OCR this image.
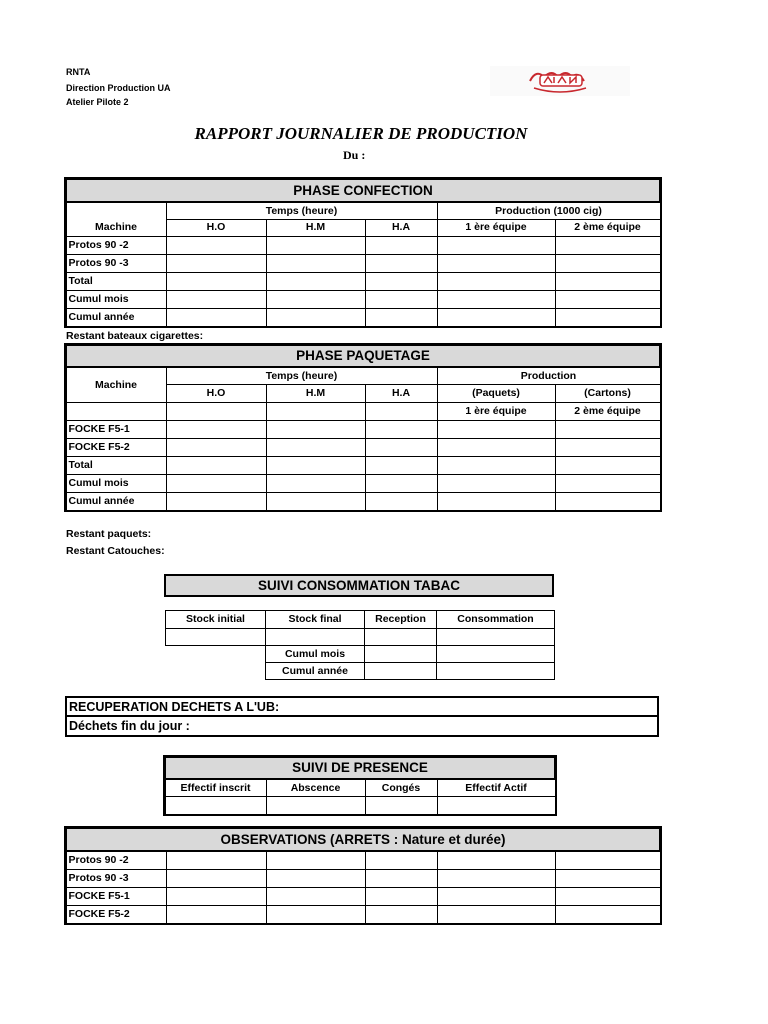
RNTA
Direction Production UA
Atelier Pilote 2
RAPPORT JOURNALIER DE PRODUCTION
Du :
PHASE CONFECTION					
Machine	Temps (heure)			Production (1000 cig)	
	H.O	H.M	H.A	1 ère équipe	2 ème équipe
Protos 90 -2					
Protos 90 -3					
Total					
Cumul mois					
Cumul année					
Restant bateaux cigarettes:
PHASE PAQUETAGE					
Machine	Temps (heure)			Production	
	H.O	H.M	H.A	(Paquets)	(Cartons)
				1 ère équipe	2 ème équipe
FOCKE F5-1					
FOCKE F5-2					
Total					
Cumul mois					
Cumul année					
Restant paquets:
Restant Catouches:
SUIVI CONSOMMATION TABAC
Stock initial	Stock final	Reception	Consommation

	Cumul mois		
	Cumul année		
RECUPERATION DECHETS A L'UB:
Déchets fin du jour :
SUIVI DE PRESENCE			
Effectif inscrit	Abscence	Congés	Effectif Actif

OBSERVATIONS (ARRETS : Nature et durée)					
Protos 90 -2					
Protos 90 -3					
FOCKE F5-1					
FOCKE F5-2					
